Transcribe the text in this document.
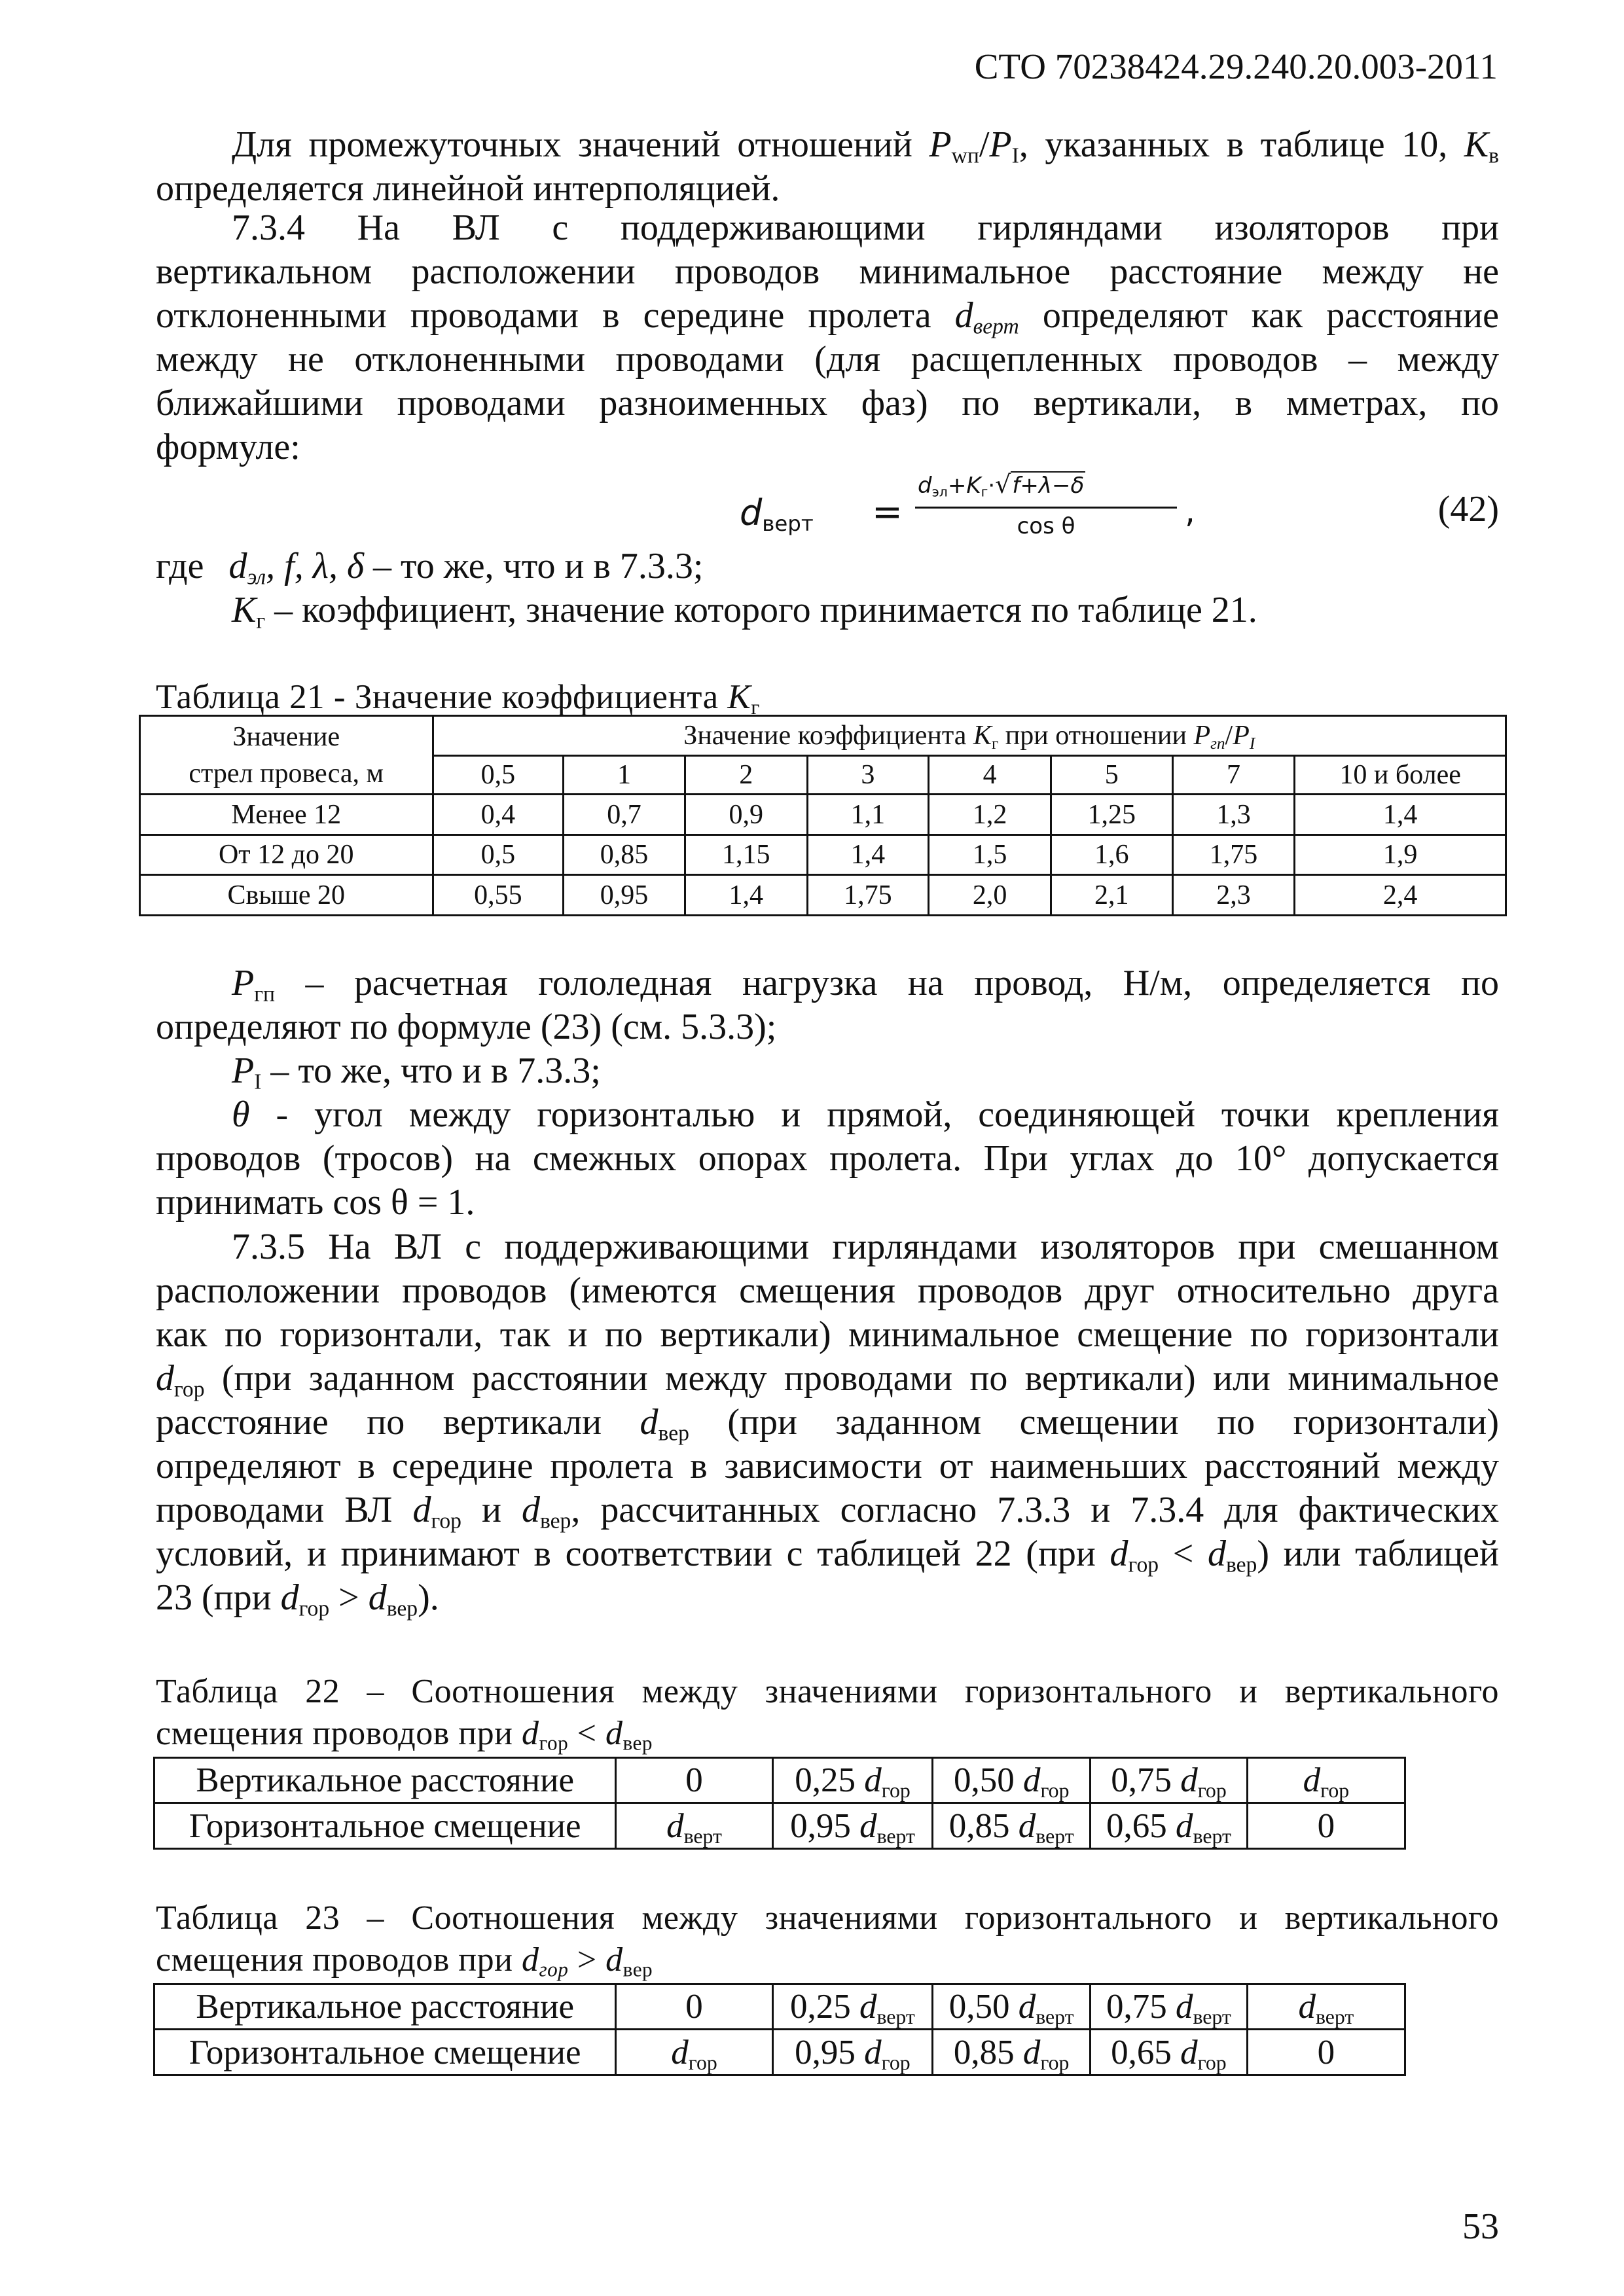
СТО 70238424.29.240.20.003-2011
Для промежуточных значений отношений $P_{wп}/P_I$, указанных в таблице 10, $K_в$
определяется линейной интерполяцией.
7.3.4 На ВЛ с поддерживающими гирляндами изоляторов при
вертикальном расположении проводов минимальное расстояние между не
отклоненными проводами в середине пролета $d_{верт}$ определяют как расстояние
между не отклоненными проводами (для расщепленных проводов – между
ближайшими проводами разноименных фаз) по вертикали, в мметрах, по
формуле:
$d_{верт}$ =
$d_{эл}+K_г\cdot√f+\lambda-\delta$
cos θ	,	(42)
где $d_{эл}$, f, λ, δ – то же, что и в 7.3.3;
$K_г$ – коэффициент, значение которого принимается по таблице 21.
Таблица 21 - Значение коэффициента $K_г$
Значение
стрел провеса, м	Значение коэффициента $K_г$ при отношении $P_{гп}/P_I$
	0,5	1	2	3	4	5	7	10 и более
Менее 12	0,4	0,7	0,9	1,1	1,2	1,25	1,3	1,4
От 12 до 20	0,5	0,85	1,15	1,4	1,5	1,6	1,75	1,9
Свыше 20	0,55	0,95	1,4	1,75	2,0	2,1	2,3	2,4
$P_{гп}$ – расчетная гололедная нагрузка на провод, Н/м, определяется по
определяют по формуле (23) (см. 5.3.3);
$P_I$ – то же, что и в 7.3.3;
θ - угол между горизонталью и прямой, соединяющей точки крепления
проводов (тросов) на смежных опорах пролета. При углах до 10° допускается
принимать cos θ = 1.
7.3.5 На ВЛ с поддерживающими гирляндами изоляторов при смешанном
расположении проводов (имеются смещения проводов друг относительно друга
как по горизонтали, так и по вертикали) минимальное смещение по горизонтали
$d_{гор}$ (при заданном расстоянии между проводами по вертикали) или минимальное
расстояние по вертикали $d_{вер}$ (при заданном смещении по горизонтали)
определяют в середине пролета в зависимости от наименьших расстояний между
проводами ВЛ $d_{гор}$ и $d_{вер}$, рассчитанных согласно 7.3.3 и 7.3.4 для фактических
условий, и принимают в соответствии с таблицей 22 (при $d_{гор} < d_{вер}$) или таблицей
23 (при $d_{гор} > d_{вер}$).
Таблица 22 – Соотношения между значениями горизонтального и вертикального
смещения проводов при $d_{гор} < d_{вер}$
Вертикальное расстояние	0	0,25 $d_{гор}$	0,50 $d_{гор}$	0,75 $d_{гор}$	$d_{гор}$
Горизонтальное смещение	$d_{верт}$	0,95 $d_{верт}$	0,85 $d_{верт}$	0,65 $d_{верт}$	0
Таблица 23 – Соотношения между значениями горизонтального и вертикального
смещения проводов при $d_{гор} > d_{вер}$
Вертикальное расстояние	0	0,25 $d_{верт}$	0,50 $d_{верт}$	0,75 $d_{верт}$	$d_{верт}$
Горизонтальное смещение	$d_{гор}$	0,95 $d_{гор}$	0,85 $d_{гор}$	0,65 $d_{гор}$	0
53
